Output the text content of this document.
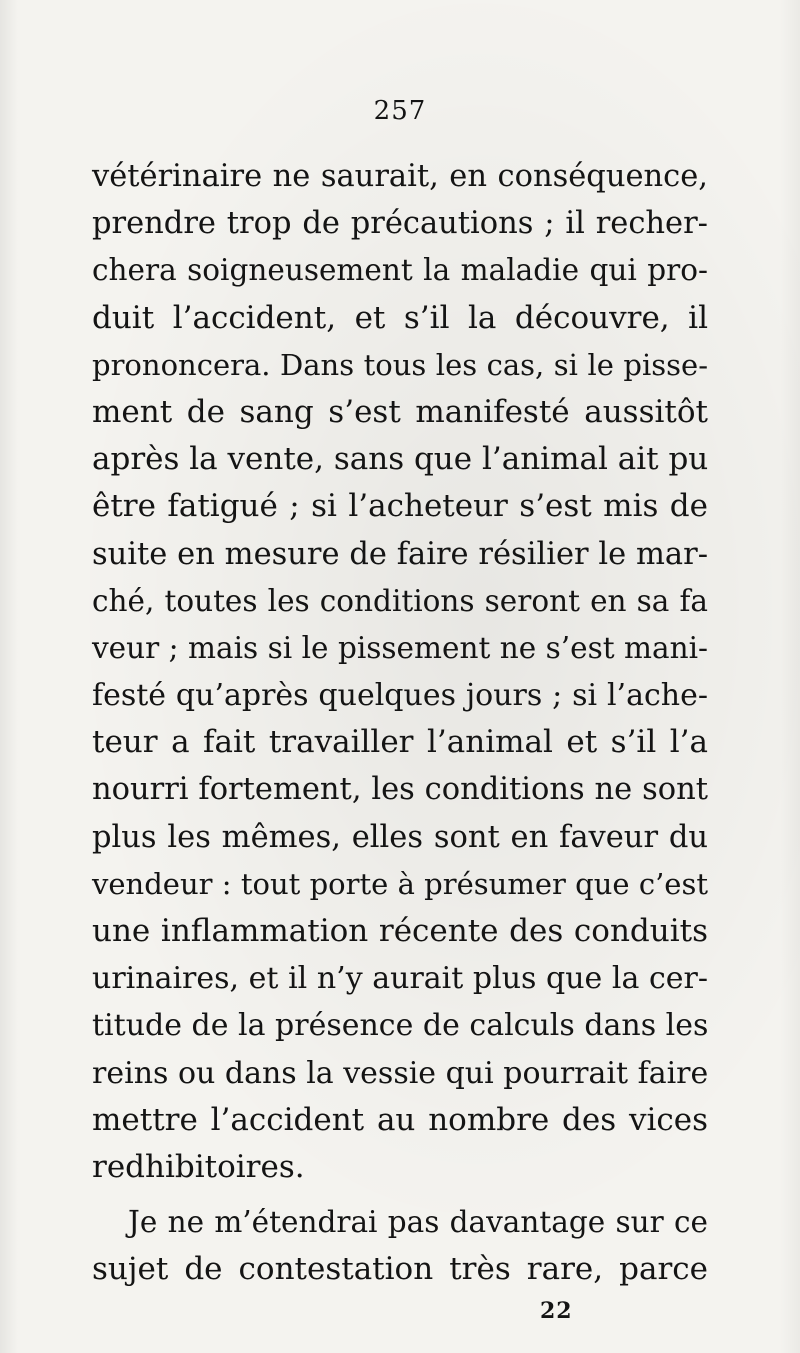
257
vétérinaire ne saurait, en conséquence,
prendre trop de précautions ; il recher-
chera soigneusement la maladie qui pro-
duit l’accident, et s’il la découvre, il
prononcera. Dans tous les cas, si le pisse-
ment de sang s’est manifesté aussitôt
après la vente, sans que l’animal ait pu
être fatigué ; si l’acheteur s’est mis de
suite en mesure de faire résilier le mar-
ché, toutes les conditions seront en sa fa
veur ; mais si le pissement ne s’est mani-
festé qu’après quelques jours ; si l’ache-
teur a fait travailler l’animal et s’il l’a
nourri fortement, les conditions ne sont
plus les mêmes, elles sont en faveur du
vendeur : tout porte à présumer que c’est
une inflammation récente des conduits
urinaires, et il n’y aurait plus que la cer-
titude de la présence de calculs dans les
reins ou dans la vessie qui pourrait faire
mettre l’accident au nombre des vices
redhibitoires.
Je ne m’étendrai pas davantage sur ce
sujet de contestation très rare, parce
22
